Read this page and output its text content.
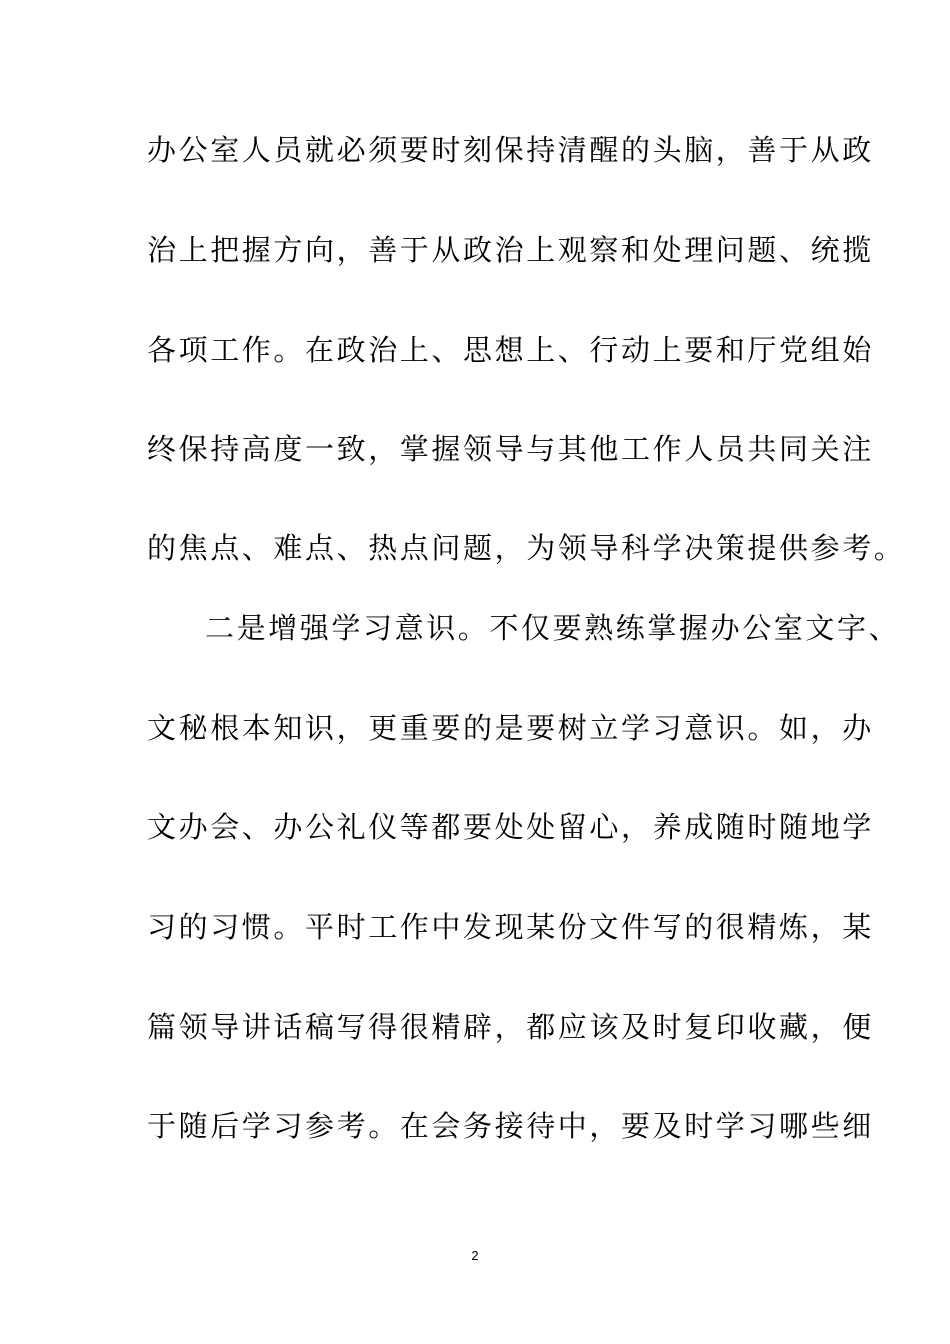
办公室人员就必须要时刻保持清醒的头脑，善于从政
治上把握方向，善于从政治上观察和处理问题、统揽
各项工作。在政治上、思想上、行动上要和厅党组始
终保持高度一致，掌握领导与其他工作人员共同关注
的焦点、难点、热点问题，为领导科学决策提供参考。
二是增强学习意识。不仅要熟练掌握办公室文字、
文秘根本知识，更重要的是要树立学习意识。如，办
文办会、办公礼仪等都要处处留心，养成随时随地学
习的习惯。平时工作中发现某份文件写的很精炼，某
篇领导讲话稿写得很精辟，都应该及时复印收藏，便
于随后学习参考。在会务接待中，要及时学习哪些细
2
